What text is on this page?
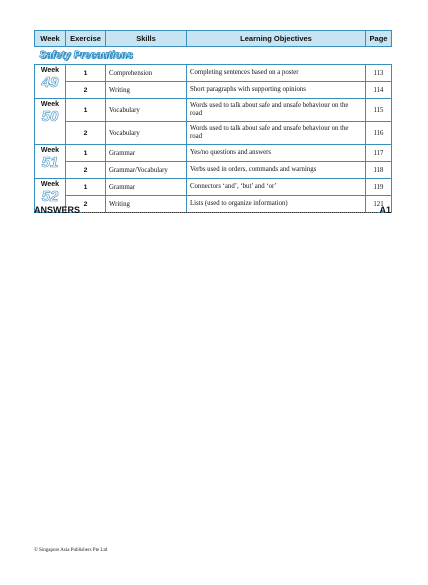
Week	Exercise	Skills	Learning Objectives	Page
Safety Precautions				

Week
49	1	Comprehension	Completing sentences based on a poster	113
	2	Writing	Short paragraphs with supporting opinions	114

Week
50	1	Vocabulary	Words used to talk about safe and unsafe behaviour on the road	115
	2	Vocabulary	Words used to talk about safe and unsafe behaviour on the road	116

Week
51	1	Grammar	Yes/no questions and answers	117
	2	Grammar/Vocabulary	Verbs used in orders, commands and warnings	118

Week
52	1	Grammar	Connectors ‘and’, ‘but’ and ‘or’	119
	2	Writing	Lists (used to organize information)	121
ANSWERS	A1
© Singapore Asia Publishers Pte Ltd
